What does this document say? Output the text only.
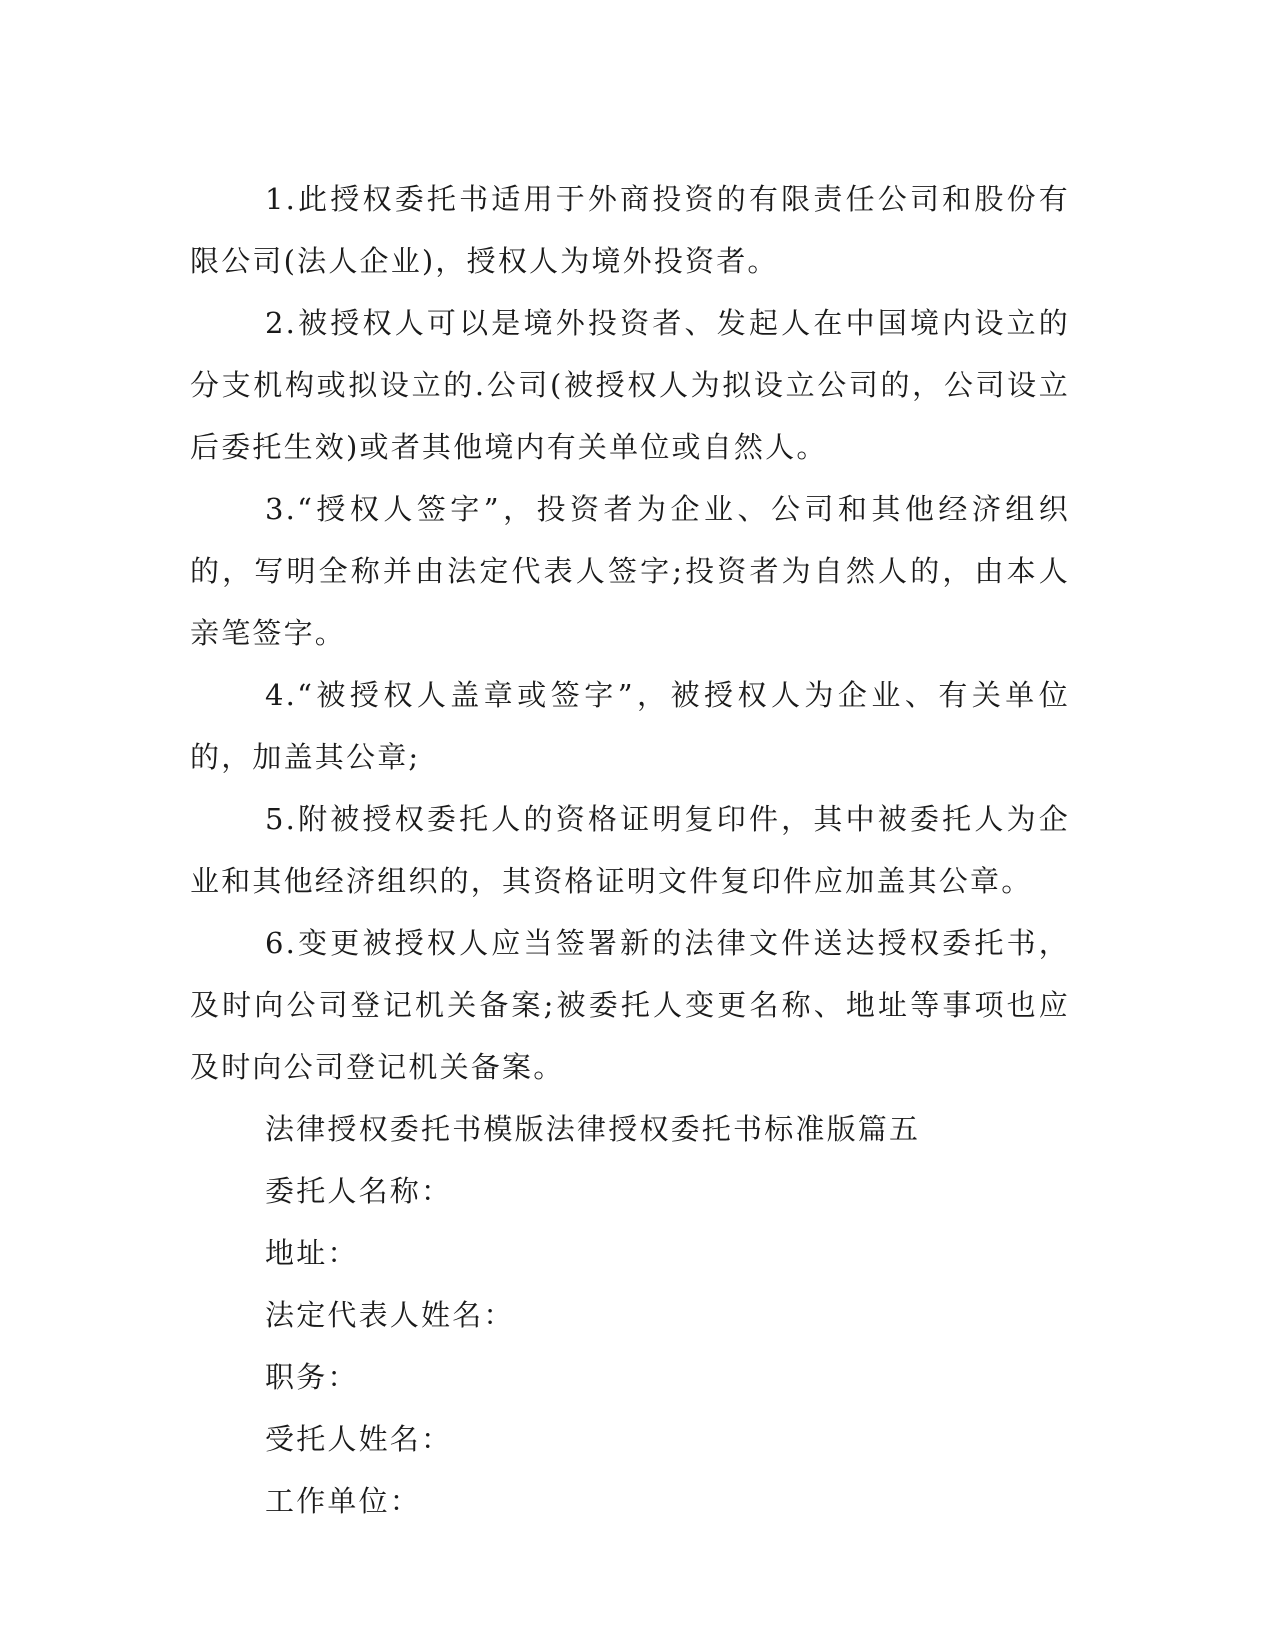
1.此授权委托书适用于外商投资的有限责任公司和股份有限公司(法人企业)，授权人为境外投资者。

2.被授权人可以是境外投资者、发起人在中国境内设立的分支机构或拟设立的.公司(被授权人为拟设立公司的，公司设立后委托生效)或者其他境内有关单位或自然人。

3.“授权人签字”，投资者为企业、公司和其他经济组织的，写明全称并由法定代表人签字;投资者为自然人的，由本人亲笔签字。

4.“被授权人盖章或签字”，被授权人为企业、有关单位的，加盖其公章;

5.附被授权委托人的资格证明复印件，其中被委托人为企业和其他经济组织的，其资格证明文件复印件应加盖其公章。

6.变更被授权人应当签署新的法律文件送达授权委托书，及时向公司登记机关备案;被委托人变更名称、地址等事项也应及时向公司登记机关备案。

法律授权委托书模版法律授权委托书标准版篇五

委托人名称：

地址：

法定代表人姓名：

职务：

受托人姓名：

工作单位：
